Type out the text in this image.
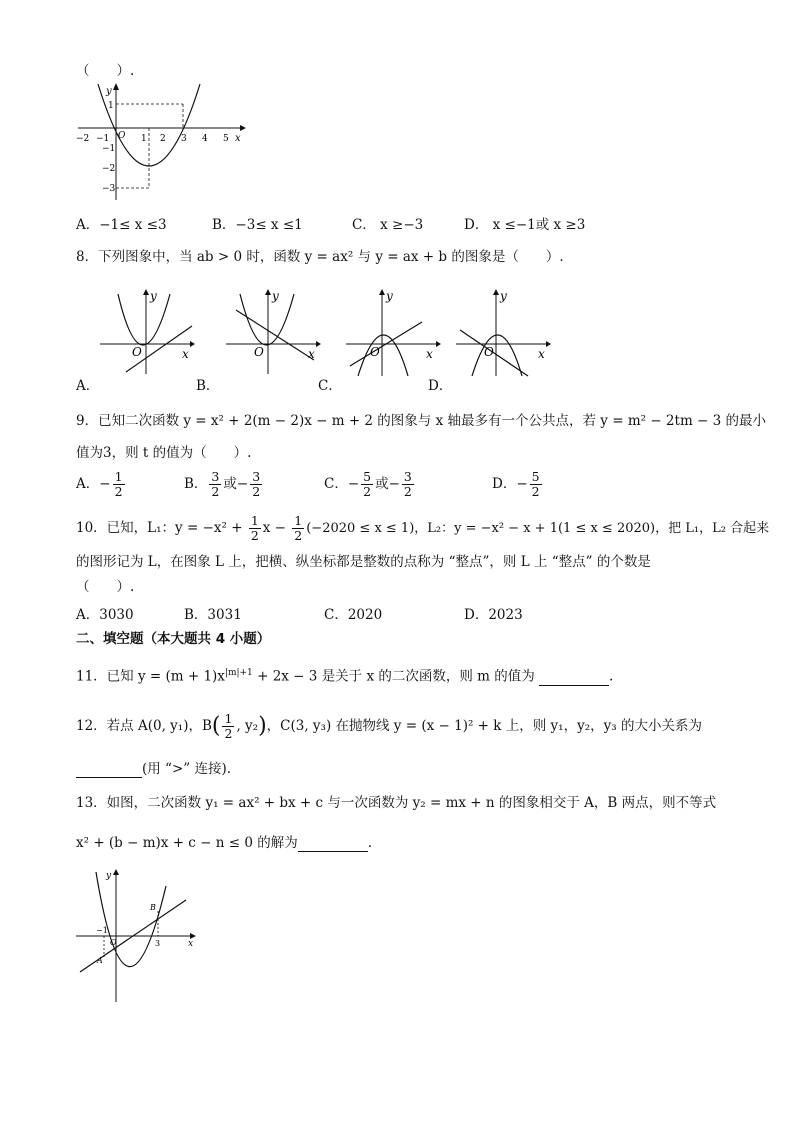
（　　）.
−2 −1 O 1 2 3 4 5 x
y
1
−1
−2
−3
A．−1≤ x ≤3	B．−3≤ x ≤1	C． x ≥−3	D． x ≤−1或 x ≥3
8．下列图象中，当 ab > 0 时，函数 y = ax² 与 y = ax + b 的图象是（　　）.
O	x
y
A．
O	x
y
B．
O	x
y
C．
O	x
y
D．
9．已知二次函数 y = x² + 2(m − 2)x − m + 2 的图象与 x 轴最多有一个公共点，若 y = m² − 2tm − 3 的最小
值为3，则 t 的值为（　　）.
A．− $\frac{1}{2}$	B． $\frac{3}{2}$ 或− $\frac{3}{2}$	C．− $\frac{5}{2}$ 或− $\frac{3}{2}$	D．− $\frac{5}{2}$
10．已知，L₁：$y = -x^2 + \frac{1}{2}$ $x - \frac{1}{2} (-2020 \le x \le 1)$，L₂：y = −x² − x + 1(1 ≤ x ≤ 2020)，把 L₁，L₂ 合起来
的图形记为 L，在图象 L 上，把横、纵坐标都是整数的点称为 “整点”，则 L 上 “整点” 的个数是
（　　）.
A．3030	B．3031	C．2020	D．2023
二、填空题（本大题共 4 小题）
11．已知 $y = (m + 1)x^{|m|+1} + 2x - 3$ 是关于 x 的二次函数，则 m 的值为	.
12．若点 A(0, y₁)，$B( \frac{1}{2}$ , y₂)，C(3, y₃) 在抛物线 y = (x − 1)² + k 上，则 y₁，y₂，y₃ 的大小关系为
(用 “>” 连接).
13．如图，二次函数 y₁ = ax² + bx + c 与一次函数为 y₂ = mx + n 的图象相交于 A，B 两点，则不等式
x² + (b − m)x + c − n ≤ 0 的解为	.
y
x
O
−1
3
A
B
